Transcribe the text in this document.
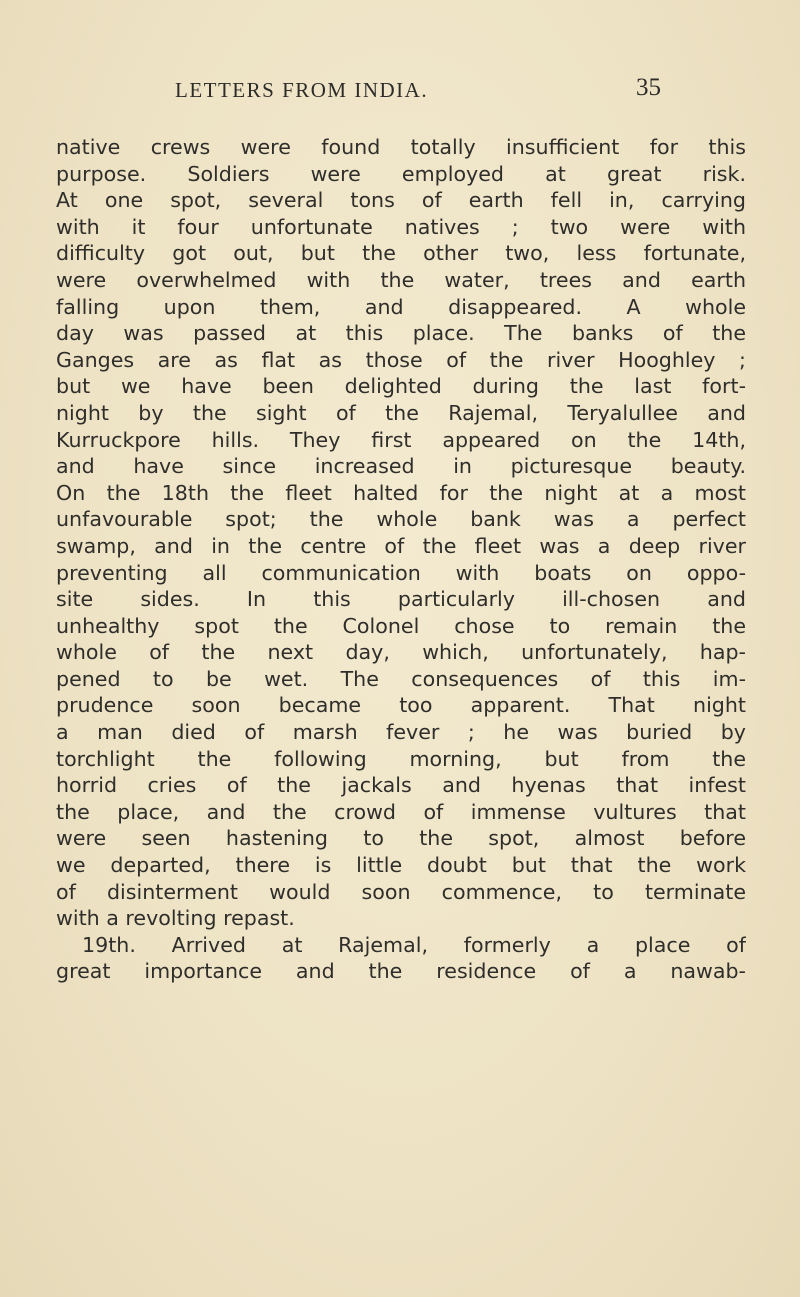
LETTERS FROM INDIA.	35
native crews were found totally insufficient for this
purpose. Soldiers were employed at great risk.
At one spot, several tons of earth fell in, carrying
with it four unfortunate natives ; two were with
difficulty got out, but the other two, less fortunate,
were overwhelmed with the water, trees and earth
falling upon them, and disappeared. A whole
day was passed at this place. The banks of the
Ganges are as flat as those of the river Hooghley ;
but we have been delighted during the last fort-
night by the sight of the Rajemal, Teryalullee and
Kurruckpore hills. They first appeared on the 14th,
and have since increased in picturesque beauty.
On the 18th the fleet halted for the night at a most
unfavourable spot; the whole bank was a perfect
swamp, and in the centre of the fleet was a deep river
preventing all communication with boats on oppo-
site sides. In this particularly ill-chosen and
unhealthy spot the Colonel chose to remain the
whole of the next day, which, unfortunately, hap-
pened to be wet. The consequences of this im-
prudence soon became too apparent. That night
a man died of marsh fever ; he was buried by
torchlight the following morning, but from the
horrid cries of the jackals and hyenas that infest
the place, and the crowd of immense vultures that
were seen hastening to the spot, almost before
we departed, there is little doubt but that the work
of disinterment would soon commence, to terminate
with a revolting repast.
19th. Arrived at Rajemal, formerly a place of
great importance and the residence of a nawab-
